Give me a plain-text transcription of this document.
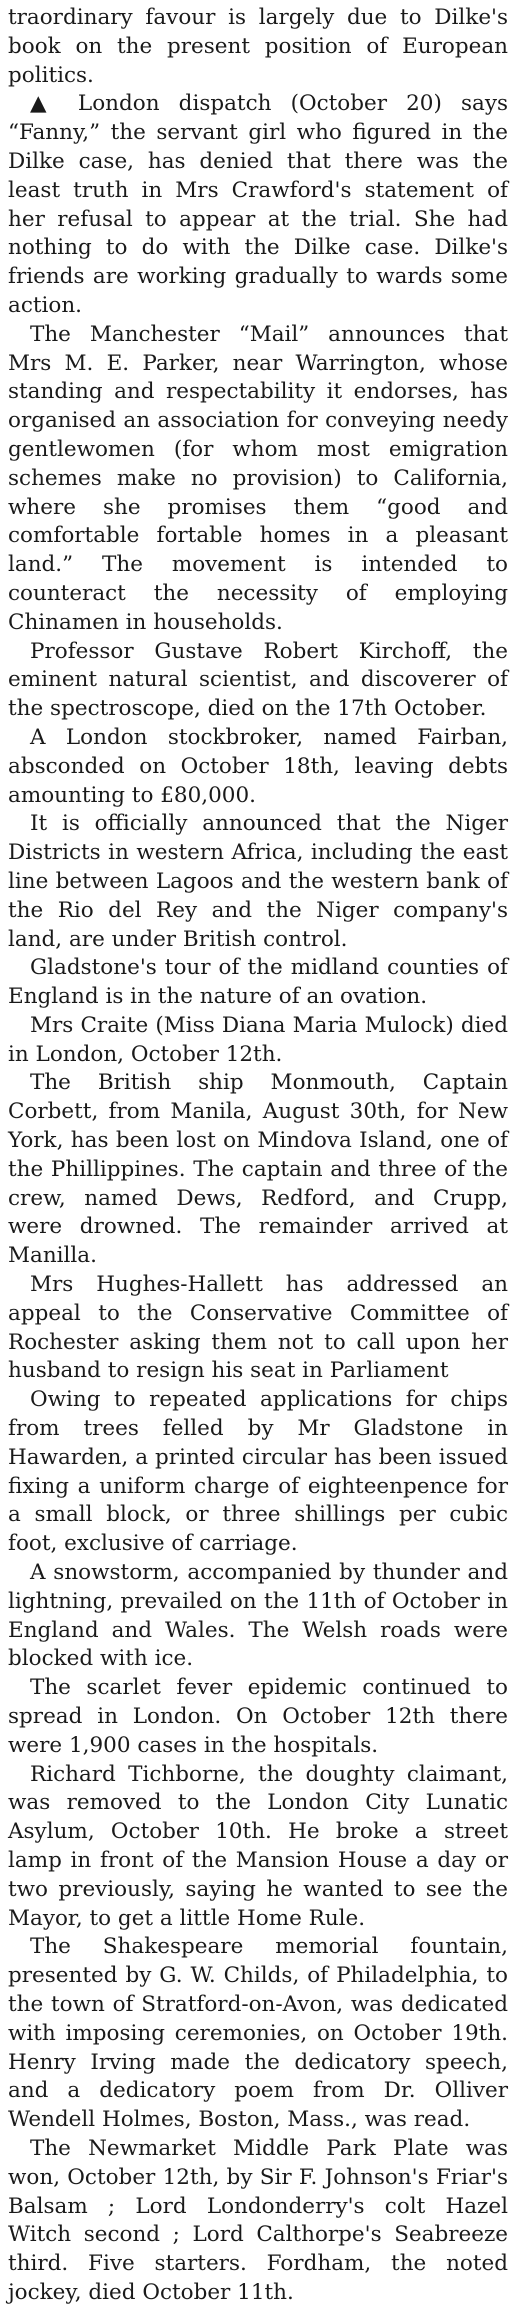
traordinary favour is largely due to Dilke's book on the present position of European politics.

▲ London dispatch (October 20) says “Fanny,” the servant girl who figured in the Dilke case, has denied that there was the least truth in Mrs Crawford's statement of her refusal to appear at the trial. She had nothing to do with the Dilke case. Dilke's friends are working gradually to wards some action.

The Manchester “Mail” announces that Mrs M. E. Parker, near Warrington, whose standing and respectability it endorses, has organised an association for conveying needy gentlewomen (for whom most emigration schemes make no provision) to California, where she promises them “good and comfortable fortable homes in a pleasant land.” The movement is intended to counteract the necessity of employing Chinamen in households.

Professor Gustave Robert Kirchoff, the eminent natural scientist, and discoverer of the spectroscope, died on the 17th October.

A London stockbroker, named Fairban, absconded on October 18th, leaving debts amounting to £80,000.

It is officially announced that the Niger Districts in western Africa, including the east line between Lagoos and the western bank of the Rio del Rey and the Niger company's land, are under British control.

Gladstone's tour of the midland counties of England is in the nature of an ovation.

Mrs Craite (Miss Diana Maria Mulock) died in London, October 12th.

The British ship Monmouth, Captain Corbett, from Manila, August 30th, for New York, has been lost on Mindova Island, one of the Phillippines. The captain and three of the crew, named Dews, Redford, and Crupp, were drowned. The remainder arrived at Manilla.

Mrs Hughes-Hallett has addressed an appeal to the Conservative Committee of Rochester asking them not to call upon her husband to resign his seat in Parliament

Owing to repeated applications for chips from trees felled by Mr Gladstone in Hawarden, a printed circular has been issued fixing a uniform charge of eighteenpence for a small block, or three shillings per cubic foot, exclusive of carriage.

A snowstorm, accompanied by thunder and lightning, prevailed on the 11th of October in England and Wales. The Welsh roads were blocked with ice.

The scarlet fever epidemic continued to spread in London. On October 12th there were 1,900 cases in the hospitals.

Richard Tichborne, the doughty claimant, was removed to the London City Lunatic Asylum, October 10th. He broke a street lamp in front of the Mansion House a day or two previously, saying he wanted to see the Mayor, to get a little Home Rule.

The Shakespeare memorial fountain, presented by G. W. Childs, of Philadelphia, to the town of Stratford-on-Avon, was dedicated with imposing ceremonies, on October 19th. Henry Irving made the dedicatory speech, and a dedicatory poem from Dr. Olliver Wendell Holmes, Boston, Mass., was read.

The Newmarket Middle Park Plate was won, October 12th, by Sir F. Johnson's Friar's Balsam ; Lord Londonderry's colt Hazel Witch second ; Lord Calthorpe's Seabreeze third. Five starters. Fordham, the noted jockey, died October 11th.
